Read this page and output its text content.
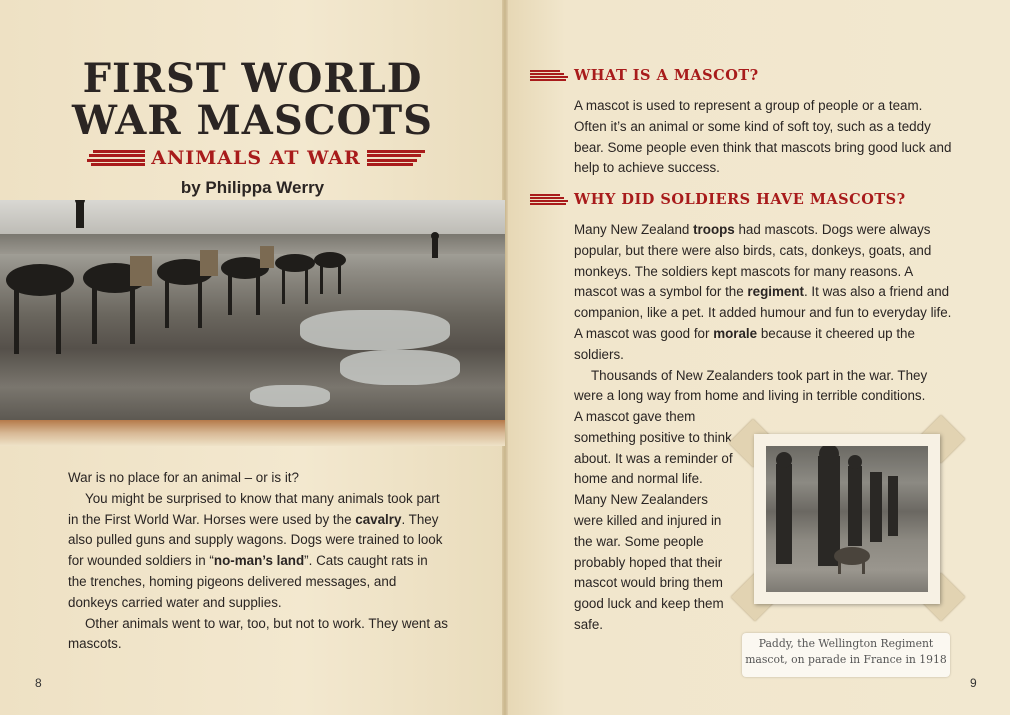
FIRST WORLD
WAR MASCOTS
ANIMALS AT WAR
by Philippa Werry

War is no place for an animal – or is it?

You might be surprised to know that many animals took part in the First World War. Horses were used by the cavalry. They also pulled guns and supply wagons. Dogs were trained to look for wounded soldiers in “no-man’s land”. Cats caught rats in the trenches, homing pigeons delivered messages, and donkeys carried water and supplies.

Other animals went to war, too, but not to work. They went as mascots.

8
WHAT IS A MASCOT?

A mascot is used to represent a group of people or a team. Often it’s an animal or some kind of soft toy, such as a teddy bear. Some people even think that mascots bring good luck and help to achieve success.

WHY DID SOLDIERS HAVE MASCOTS?

Many New Zealand troops had mascots. Dogs were always popular, but there were also birds, cats, donkeys, goats, and monkeys. The soldiers kept mascots for many reasons. A mascot was a symbol for the regiment. It was also a friend and companion, like a pet. It added humour and fun to everyday life. A mascot was good for morale because it cheered up the soldiers.

Thousands of New Zealanders took part in the war. They were a long way from home and living in terrible conditions.

A mascot gave them something positive to think about. It was a reminder of home and normal life. Many New Zealanders were killed and injured in the war. Some people probably hoped that their mascot would bring them good luck and keep them safe.

Paddy, the Wellington Regiment mascot, on parade in France in 1918
9
